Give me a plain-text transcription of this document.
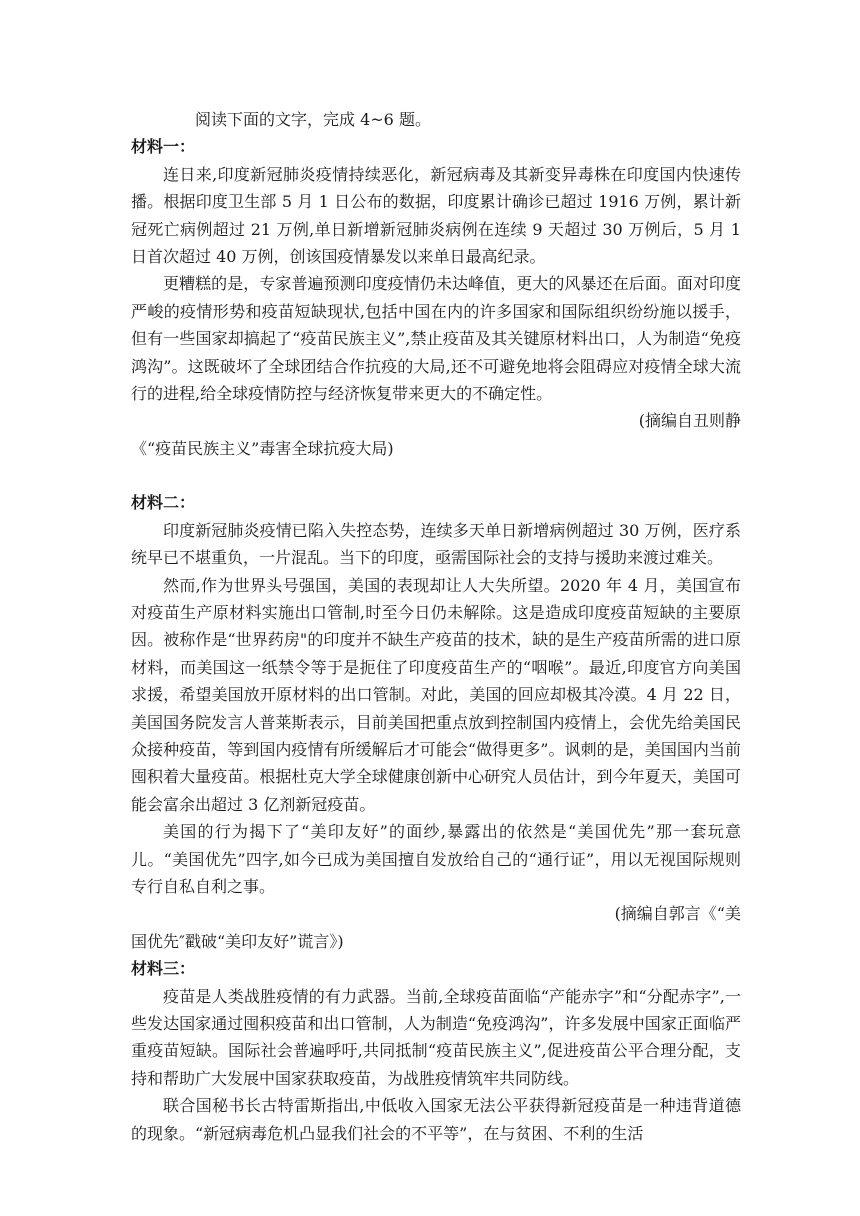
阅读下面的文字，完成 4~6 题。

材料一：

连日来,印度新冠肺炎疫情持续恶化，新冠病毒及其新变异毒株在印度国内快速传播。根据印度卫生部 5 月 1 日公布的数据，印度累计确诊已超过 1916 万例，累计新冠死亡病例超过 21 万例,单日新增新冠肺炎病例在连续 9 天超过 30 万例后，5 月 1 日首次超过 40 万例，创该国疫情暴发以来单日最高纪录。

更糟糕的是，专家普遍预测印度疫情仍未达峰值，更大的风暴还在后面。面对印度严峻的疫情形势和疫苗短缺现状,包括中国在内的许多国家和国际组织纷纷施以援手，但有一些国家却搞起了“疫苗民族主义”,禁止疫苗及其关键原材料出口，人为制造“免疫鸿沟”。这既破坏了全球团结合作抗疫的大局,还不可避免地将会阻碍应对疫情全球大流行的进程,给全球疫情防控与经济恢复带来更大的不确定性。

(摘编自丑则静
《“疫苗民族主义”毒害全球抗疫大局)

材料二：

印度新冠肺炎疫情已陷入失控态势，连续多天单日新增病例超过 30 万例，医疗系统早已不堪重负，一片混乱。当下的印度，亟需国际社会的支持与援助来渡过难关。

然而,作为世界头号强国，美国的表现却让人大失所望。2020 年 4 月，美国宣布对疫苗生产原材料实施出口管制,时至今日仍未解除。这是造成印度疫苗短缺的主要原因。被称作是“世界药房"的印度并不缺生产疫苗的技术，缺的是生产疫苗所需的进口原材料，而美国这一纸禁令等于是扼住了印度疫苗生产的“咽喉”。最近,印度官方向美国求援，希望美国放开原材料的出口管制。对此，美国的回应却极其冷漠。4 月 22 日，美国国务院发言人普莱斯表示，目前美国把重点放到控制国内疫情上，会优先给美国民众接种疫苗，等到国内疫情有所缓解后才可能会“做得更多”。讽刺的是，美国国内当前囤积着大量疫苗。根据杜克大学全球健康创新中心研究人员估计，到今年夏天，美国可能会富余出超过 3 亿剂新冠疫苗。

美国的行为揭下了“美印友好”的面纱,暴露出的依然是“美国优先”那一套玩意儿。“美国优先”四字,如今已成为美国擅自发放给自己的“通行证”，用以无视国际规则专行自私自利之事。

(摘编自郭言《“美
国优先″戳破“美印友好”谎言》)

材料三：

疫苗是人类战胜疫情的有力武器。当前,全球疫苗面临“产能赤字”和“分配赤字”,一些发达国家通过囤积疫苗和出口管制，人为制造“免疫鸿沟”，许多发展中国家正面临严重疫苗短缺。国际社会普遍呼吁,共同抵制“疫苗民族主义”,促进疫苗公平合理分配，支持和帮助广大发展中国家获取疫苗，为战胜疫情筑牢共同防线。

联合国秘书长古特雷斯指出,中低收入国家无法公平获得新冠疫苗是一种违背道德的现象。“新冠病毒危机凸显我们社会的不平等”，在与贫困、不利的生活
